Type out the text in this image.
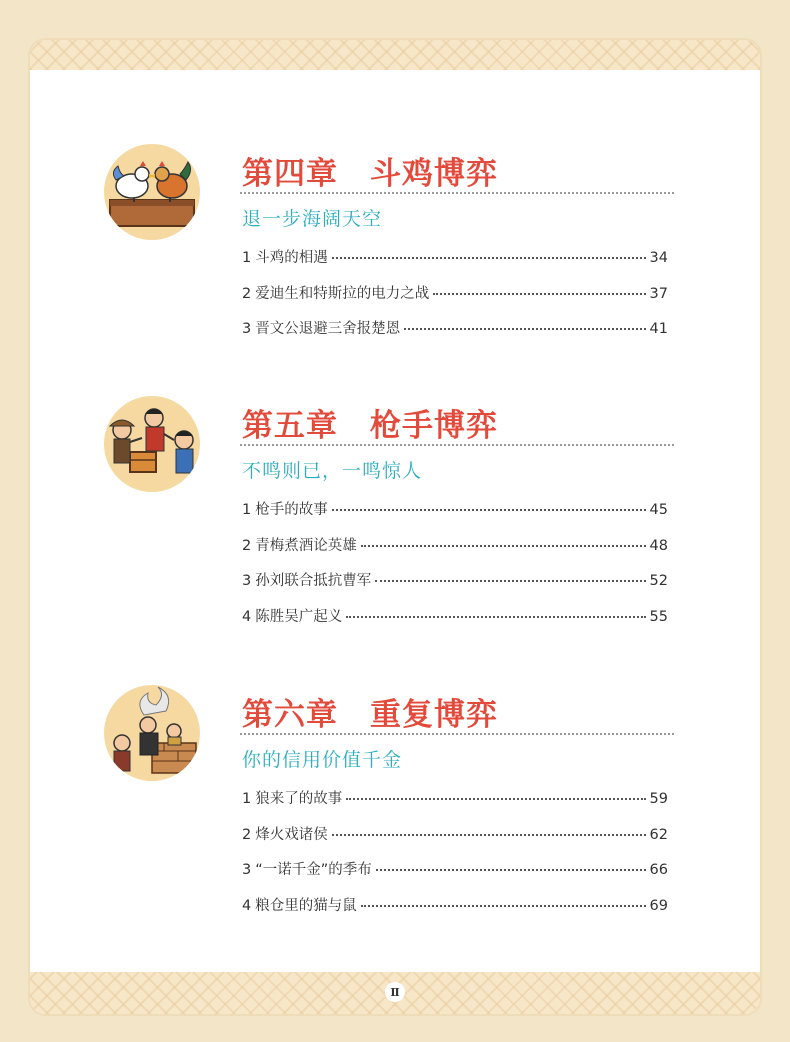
第四章　斗鸡博弈
退一步海阔天空
1 斗鸡的相遇	34
2 爱迪生和特斯拉的电力之战	37
3 晋文公退避三舍报楚恩	41
第五章　枪手博弈
不鸣则已，一鸣惊人
1 枪手的故事	45
2 青梅煮酒论英雄	48
3 孙刘联合抵抗曹军	52
4 陈胜吴广起义	55
第六章　重复博弈
你的信用价值千金
1 狼来了的故事	59
2 烽火戏诸侯	62
3 “一诺千金”的季布	66
4 粮仓里的猫与鼠	69
Ⅱ
